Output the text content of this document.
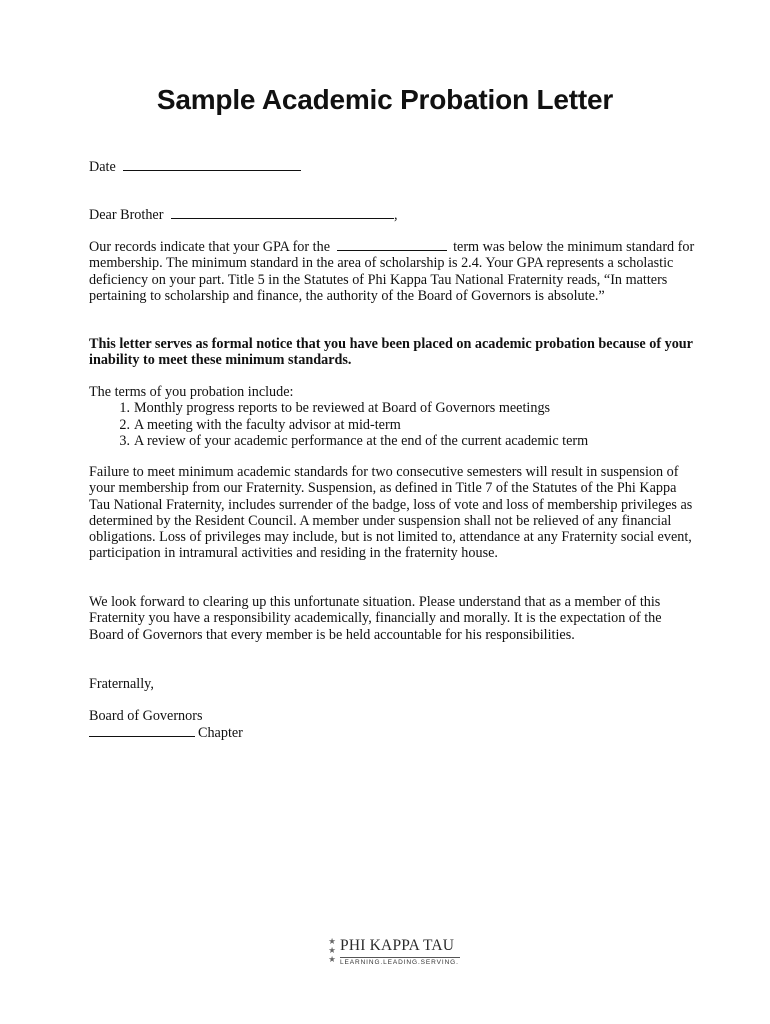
Sample Academic Probation Letter
Date
Dear Brother	,
Our records indicate that your GPA for the	term was below the minimum standard for membership. The minimum standard in the area of scholarship is 2.4. Your GPA represents a scholastic deficiency on your part. Title 5 in the Statutes of Phi Kappa Tau National Fraternity reads, “In matters pertaining to scholarship and finance, the authority of the Board of Governors is absolute.”
This letter serves as formal notice that you have been placed on academic probation because of your inability to meet these minimum standards.
The terms of you probation include:
1. Monthly progress reports to be reviewed at Board of Governors meetings
2. A meeting with the faculty advisor at mid-term
3. A review of your academic performance at the end of the current academic term
Failure to meet minimum academic standards for two consecutive semesters will result in suspension of your membership from our Fraternity. Suspension, as defined in Title 7 of the Statutes of the Phi Kappa Tau National Fraternity, includes surrender of the badge, loss of vote and loss of membership privileges as determined by the Resident Council. A member under suspension shall not be relieved of any financial obligations. Loss of privileges may include, but is not limited to, attendance at any Fraternity social event, participation in intramural activities and residing in the fraternity house.
We look forward to clearing up this unfortunate situation. Please understand that as a member of this Fraternity you have a responsibility academically, financially and morally. It is the expectation of the Board of Governors that every member is be held accountable for his responsibilities.
Fraternally,
Board of Governors
Chapter
★
★
★
PHI KAPPA TAU
LEARNING.LEADING.SERVING.
